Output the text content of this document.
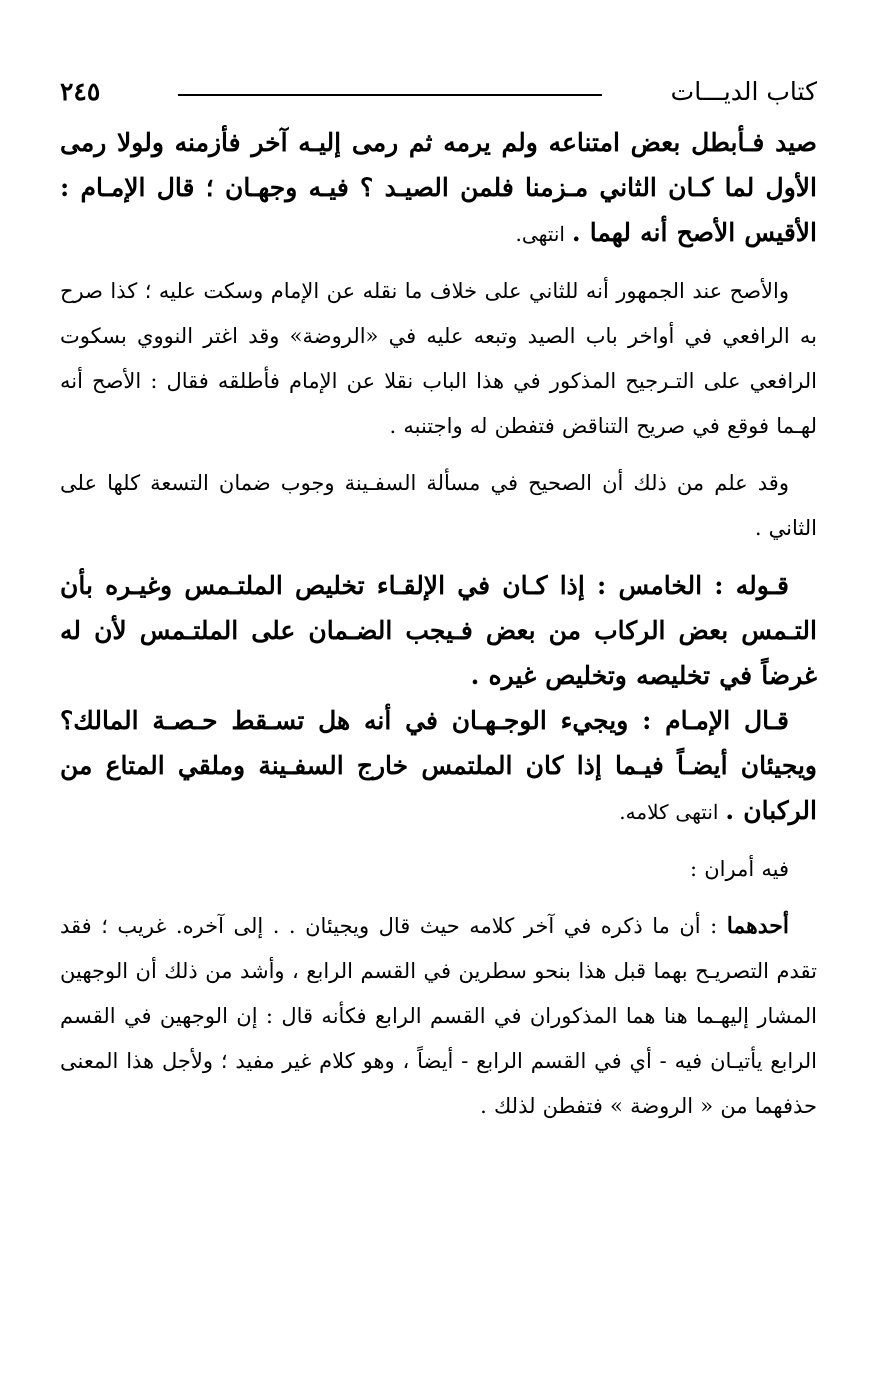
كتاب الديـــات
٢٤٥

صيد فـأبطل بعض امتناعه ولم يرمه ثم رمى إليـه آخر فأزمنه ولولا رمى الأول لما كـان الثاني مـزمنا فلمن الصيـد ؟ فيـه وجهـان ؛ قال الإمـام : الأقيس الأصح أنه لهما . انتهى.

والأصح عند الجمهور أنه للثاني على خلاف ما نقله عن الإمام وسكت عليه ؛ كذا صرح به الرافعي في أواخر باب الصيد وتبعه عليه في «الروضة» وقد اغتر النووي بسكوت الرافعي على التـرجيح المذكور في هذا الباب نقلا عن الإمام فأطلقه فقال : الأصح أنه لهـما فوقع في صريح التناقض فتفطن له واجتنبه .

وقد علم من ذلك أن الصحيح في مسألة السفـينة وجوب ضمان التسعة كلها على الثاني .

قـوله : الخامس : إذا كـان في الإلقـاء تخليص الملتـمس وغيـره بأن التـمس بعض الركاب من بعض فـيجب الضـمان على الملتـمس لأن له غرضاً في تخليصه وتخليص غيره .

قـال الإمـام : ويجيء الوجـهـان في أنه هل تسـقط حـصـة المالك؟ ويجيئان أيضـاً فيـما إذا كان الملتمس خارج السفـينة وملقي المتاع من الركبان . انتهى كلامه.

فيه أمران :

أحدهما : أن ما ذكره في آخر كلامه حيث قال ويجيئان . . إلى آخره. غريب ؛ فقد تقدم التصريـح بهما قبل هذا بنحو سطرين في القسم الرابع ، وأشد من ذلك أن الوجهين المشار إليهـما هنا هما المذكوران في القسم الرابع فكأنه قال : إن الوجهين في القسم الرابع يأتيـان فيه - أي في القسم الرابع - أيضاً ، وهو كلام غير مفيد ؛ ولأجل هذا المعنى حذفهما من « الروضة » فتفطن لذلك .
